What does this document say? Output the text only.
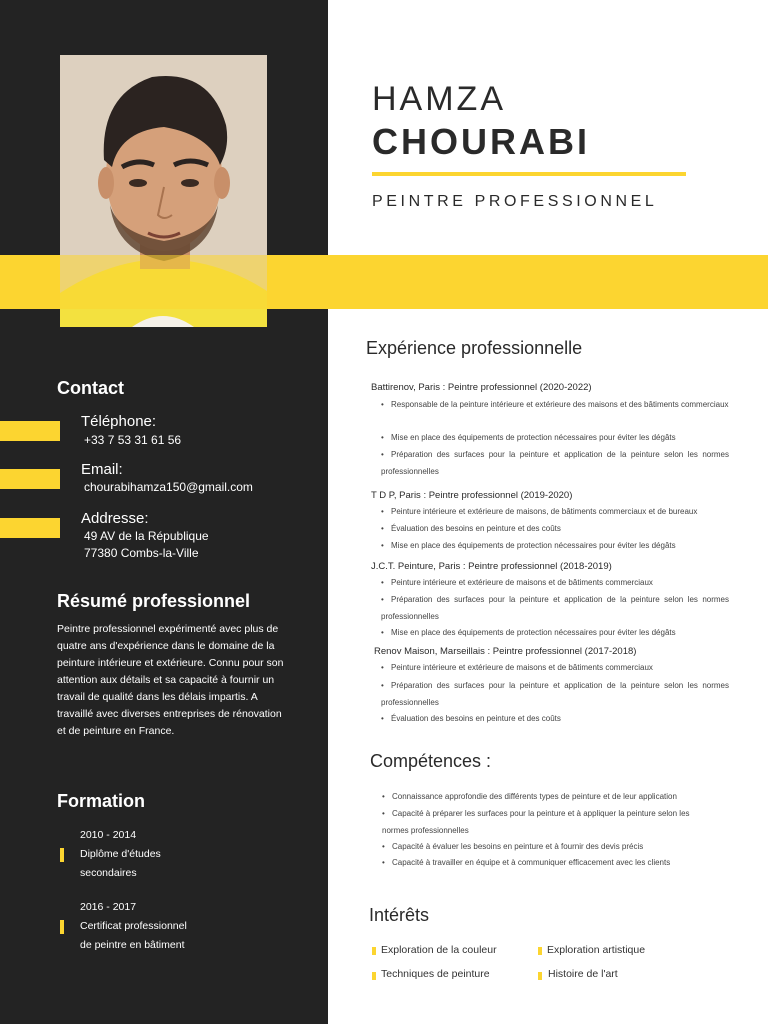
HAMZA
CHOURABI
PEINTRE PROFESSIONNEL
Contact
Téléphone:
+33 7 53 31 61 56
Email:
chourabihamza150@gmail.com
Addresse:
49 AV de la République
77380 Combs-la-Ville
Résumé professionnel
Peintre professionnel expérimenté avec plus de quatre ans d'expérience dans le domaine de la peinture intérieure et extérieure. Connu pour son attention aux détails et sa capacité à fournir un travail de qualité dans les délais impartis. A travaillé avec diverses entreprises de rénovation et de peinture en France.
Formation
2010 - 2014
Diplôme d'études
secondaires
2016 - 2017
Certificat professionnel
de peintre en bâtiment
Expérience professionnelle
Battirenov, Paris : Peintre professionnel (2020-2022)
• Responsable de la peinture intérieure et extérieure des maisons et des bâtiments commerciaux
• Mise en place des équipements de protection nécessaires pour éviter les dégâts
• Préparation des surfaces pour la peinture et application de la peinture selon les normes professionnelles
T D P, Paris : Peintre professionnel (2019-2020)
• Peinture intérieure et extérieure de maisons, de bâtiments commerciaux et de bureaux
• Évaluation des besoins en peinture et des coûts
• Mise en place des équipements de protection nécessaires pour éviter les dégâts
J.C.T. Peinture, Paris : Peintre professionnel (2018-2019)
• Peinture intérieure et extérieure de maisons et de bâtiments commerciaux
• Préparation des surfaces pour la peinture et application de la peinture selon les normes professionnelles
• Mise en place des équipements de protection nécessaires pour éviter les dégâts
Renov Maison, Marseillais : Peintre professionnel (2017-2018)
• Peinture intérieure et extérieure de maisons et de bâtiments commerciaux
• Préparation des surfaces pour la peinture et application de la peinture selon les normes professionnelles
• Évaluation des besoins en peinture et des coûts
Compétences :
• Connaissance approfondie des différents types de peinture et de leur application
• Capacité à préparer les surfaces pour la peinture et à appliquer la peinture selon les normes professionnelles
• Capacité à évaluer les besoins en peinture et à fournir des devis précis
• Capacité à travailler en équipe et à communiquer efficacement avec les clients
Intérêts
Exploration de la couleur	Exploration artistique
Techniques de peinture	Histoire de l'art
